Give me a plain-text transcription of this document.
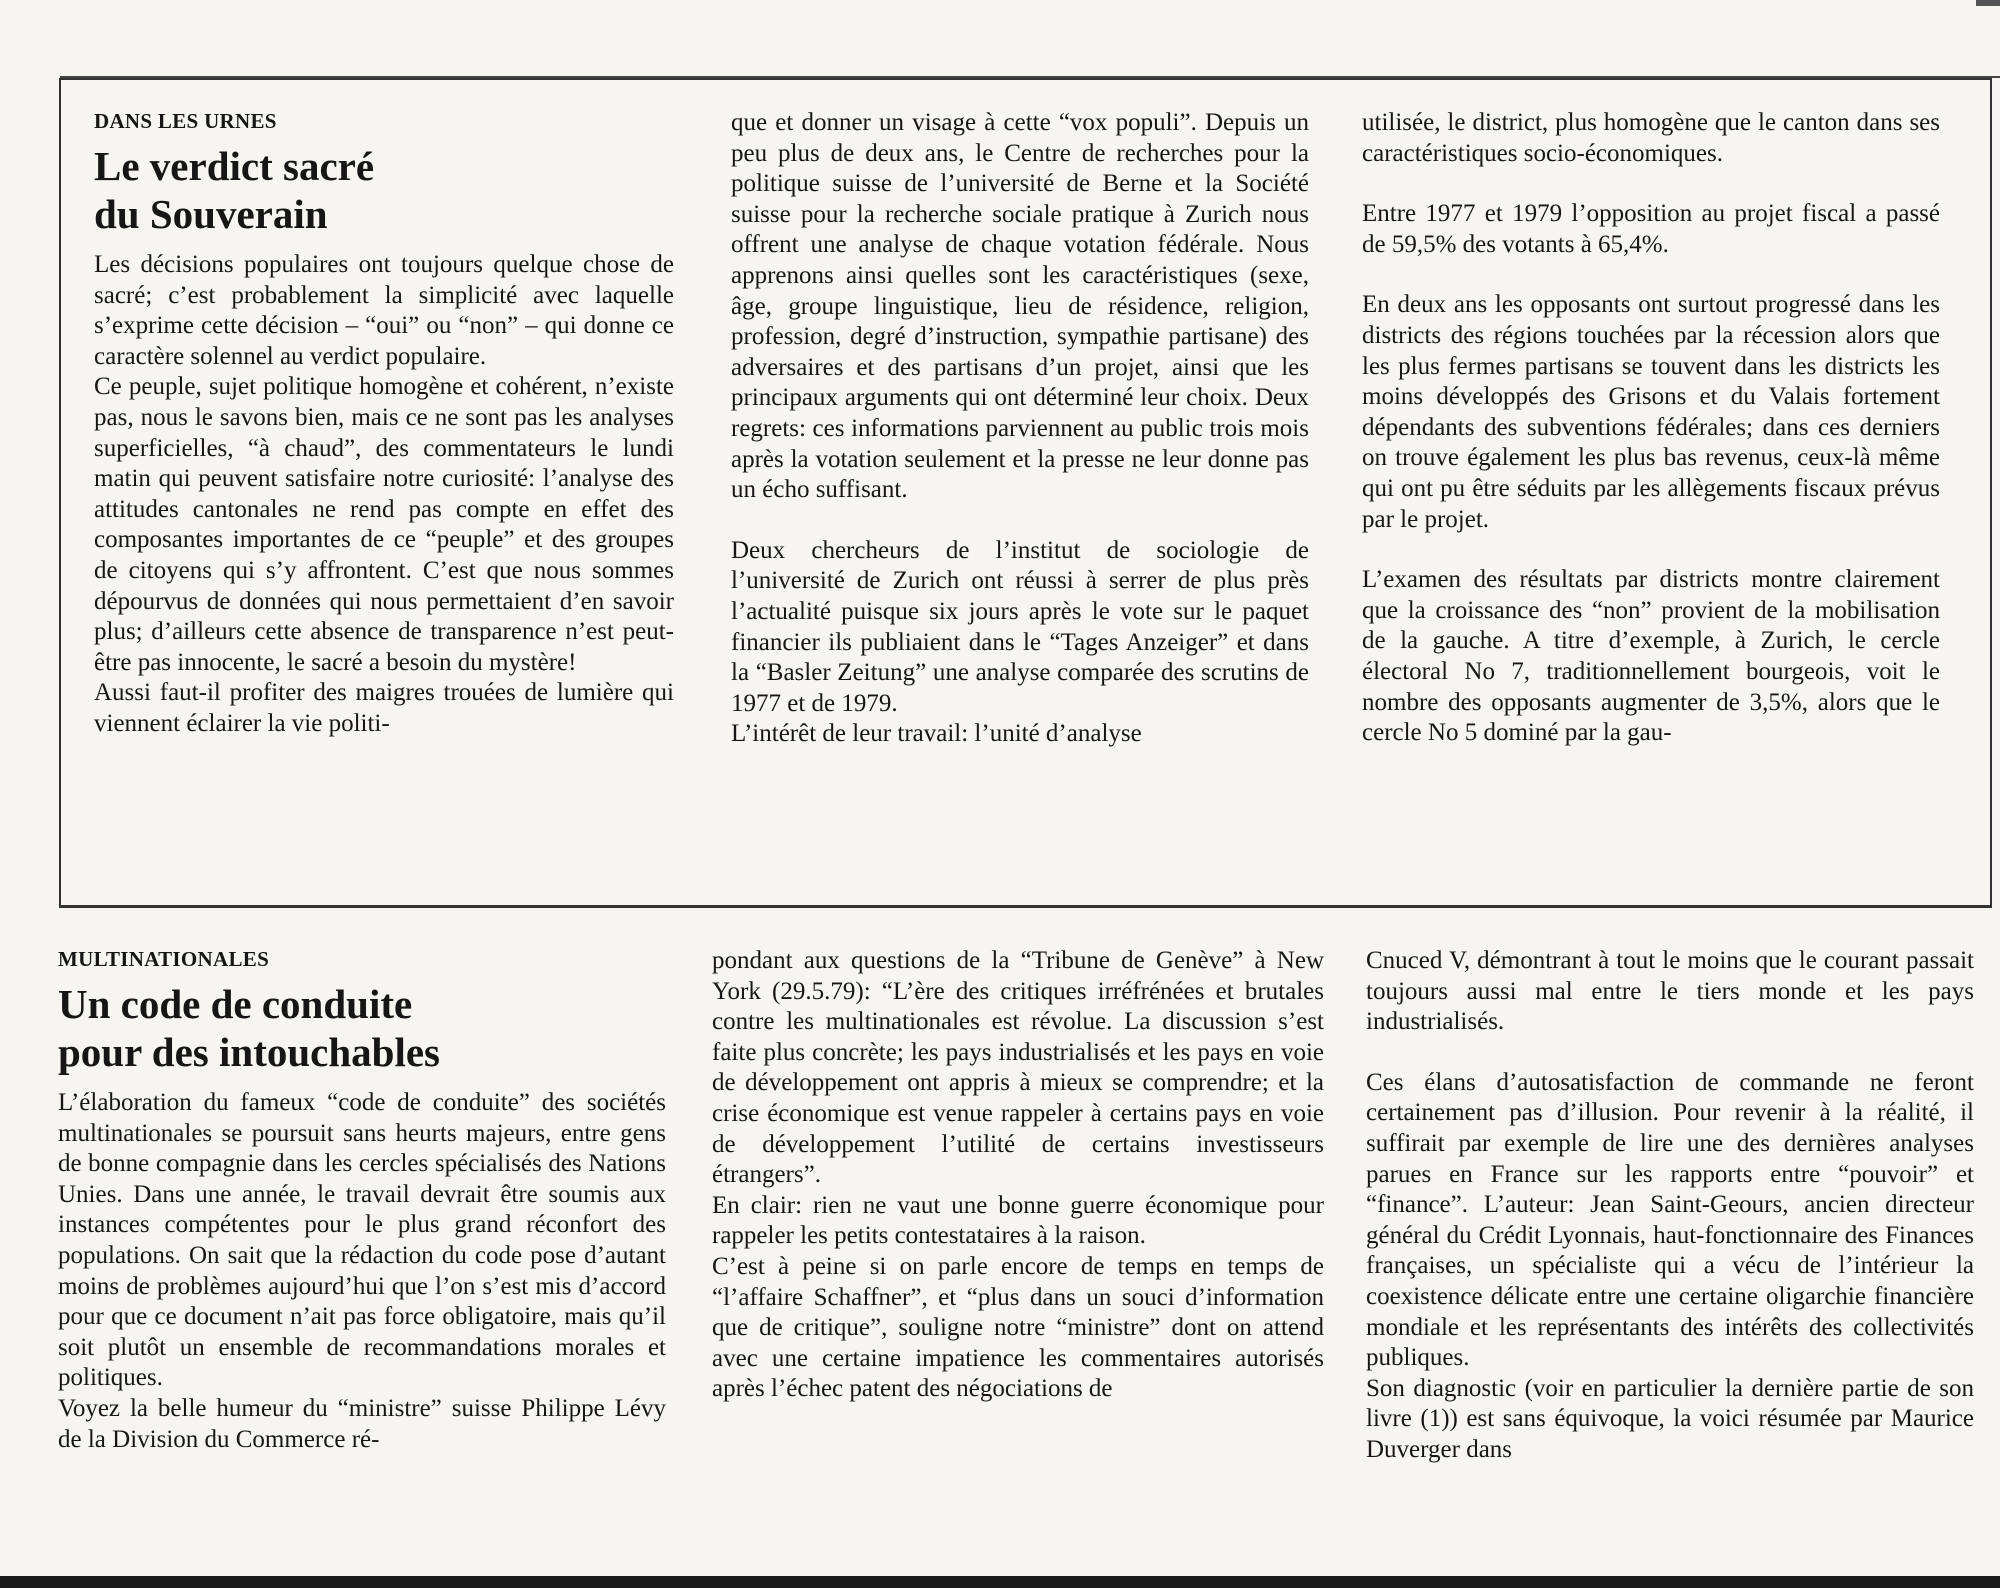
DANS LES URNES
Le verdict sacré
du Souverain

Les décisions populaires ont toujours quelque chose de sacré; c’est probablement la simplicité avec laquelle s’exprime cette décision – “oui” ou “non” – qui donne ce caractère solennel au verdict populaire.

Ce peuple, sujet politique homogène et cohérent, n’existe pas, nous le savons bien, mais ce ne sont pas les analyses superficielles, “à chaud”, des commentateurs le lundi matin qui peuvent satisfaire notre curiosité: l’analyse des attitudes cantonales ne rend pas compte en effet des composantes importantes de ce “peuple” et des groupes de citoyens qui s’y affrontent. C’est que nous sommes dépourvus de données qui nous permettaient d’en savoir plus; d’ailleurs cette absence de transparence n’est peut-être pas innocente, le sacré a besoin du mystère!

Aussi faut-il profiter des maigres trouées de lumière qui viennent éclairer la vie politi-

que et donner un visage à cette “vox populi”. Depuis un peu plus de deux ans, le Centre de recherches pour la politique suisse de l’université de Berne et la Société suisse pour la recherche sociale pratique à Zurich nous offrent une analyse de chaque votation fédérale. Nous apprenons ainsi quelles sont les caractéristiques (sexe, âge, groupe linguistique, lieu de résidence, religion, profession, degré d’instruction, sympathie partisane) des adversaires et des partisans d’un projet, ainsi que les principaux arguments qui ont déterminé leur choix. Deux regrets: ces informations parviennent au public trois mois après la votation seulement et la presse ne leur donne pas un écho suffisant.

Deux chercheurs de l’institut de sociologie de l’université de Zurich ont réussi à serrer de plus près l’actualité puisque six jours après le vote sur le paquet financier ils publiaient dans le “Tages Anzeiger” et dans la “Basler Zeitung” une analyse comparée des scrutins de 1977 et de 1979.

L’intérêt de leur travail: l’unité d’analyse

utilisée, le district, plus homogène que le canton dans ses caractéristiques socio-économiques.

Entre 1977 et 1979 l’opposition au projet fiscal a passé de 59,5% des votants à 65,4%.

En deux ans les opposants ont surtout progressé dans les districts des régions touchées par la récession alors que les plus fermes partisans se touvent dans les districts les moins développés des Grisons et du Valais fortement dépendants des subventions fédérales; dans ces derniers on trouve également les plus bas revenus, ceux-là même qui ont pu être séduits par les allègements fiscaux prévus par le projet.

L’examen des résultats par districts montre clairement que la croissance des “non” provient de la mobilisation de la gauche. A titre d’exemple, à Zurich, le cercle électoral No 7, traditionnellement bourgeois, voit le nombre des opposants augmenter de 3,5%, alors que le cercle No 5 dominé par la gau-

MULTINATIONALES
Un code de conduite
pour des intouchables

L’élaboration du fameux “code de conduite” des sociétés multinationales se poursuit sans heurts majeurs, entre gens de bonne compagnie dans les cercles spécialisés des Nations Unies. Dans une année, le travail devrait être soumis aux instances compétentes pour le plus grand réconfort des populations. On sait que la rédaction du code pose d’autant moins de problèmes aujourd’hui que l’on s’est mis d’accord pour que ce document n’ait pas force obligatoire, mais qu’il soit plutôt un ensemble de recommandations morales et politiques.

Voyez la belle humeur du “ministre” suisse Philippe Lévy de la Division du Commerce ré-

pondant aux questions de la “Tribune de Genève” à New York (29.5.79): “L’ère des critiques irréfrénées et brutales contre les multinationales est révolue. La discussion s’est faite plus concrète; les pays industrialisés et les pays en voie de développement ont appris à mieux se comprendre; et la crise économique est venue rappeler à certains pays en voie de développement l’utilité de certains investisseurs étrangers”.

En clair: rien ne vaut une bonne guerre économique pour rappeler les petits contestataires à la raison.

C’est à peine si on parle encore de temps en temps de “l’affaire Schaffner”, et “plus dans un souci d’information que de critique”, souligne notre “ministre” dont on attend avec une certaine impatience les commentaires autorisés après l’échec patent des négociations de

Cnuced V, démontrant à tout le moins que le courant passait toujours aussi mal entre le tiers monde et les pays industrialisés.

Ces élans d’autosatisfaction de commande ne feront certainement pas d’illusion. Pour revenir à la réalité, il suffirait par exemple de lire une des dernières analyses parues en France sur les rapports entre “pouvoir” et “finance”. L’auteur: Jean Saint-Geours, ancien directeur général du Crédit Lyonnais, haut-fonctionnaire des Finances françaises, un spécialiste qui a vécu de l’intérieur la coexistence délicate entre une certaine oligarchie financière mondiale et les représentants des intérêts des collectivités publiques.

Son diagnostic (voir en particulier la dernière partie de son livre (1)) est sans équivoque, la voici résumée par Maurice Duverger dans
